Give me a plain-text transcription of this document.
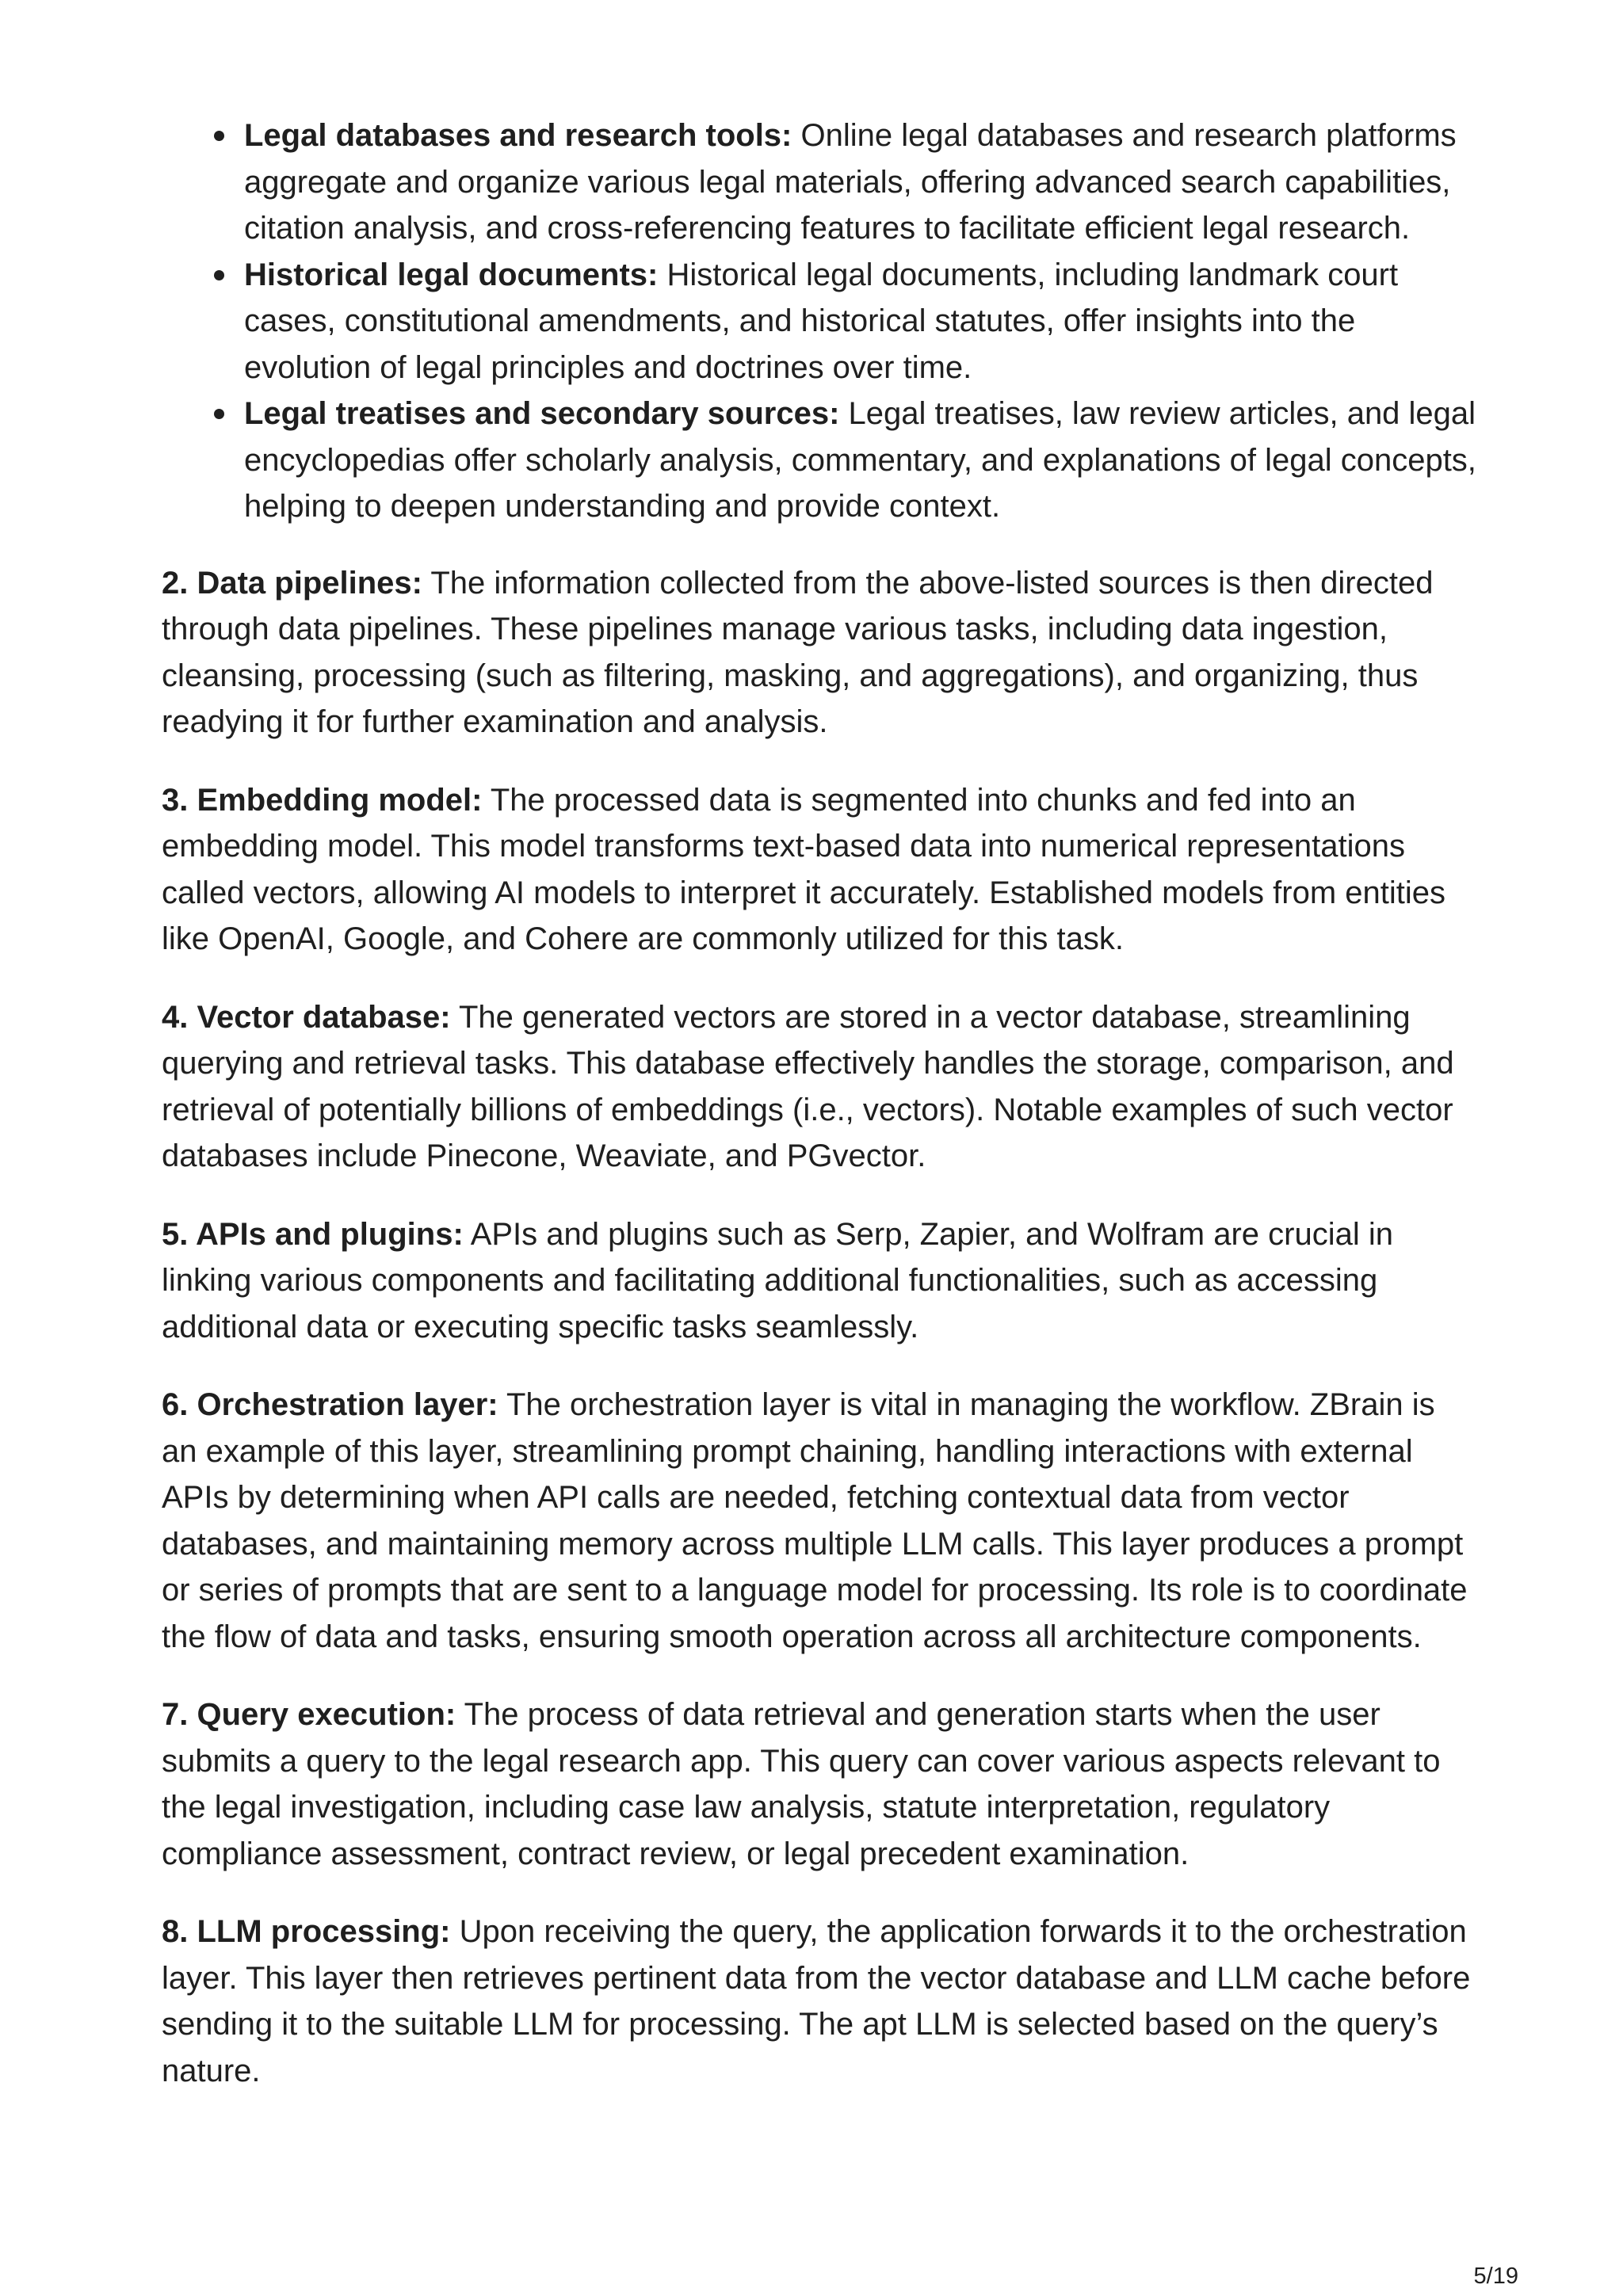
Legal databases and research tools: Online legal databases and research platforms aggregate and organize various legal materials, offering advanced search capabilities, citation analysis, and cross-referencing features to facilitate efficient legal research.
Historical legal documents: Historical legal documents, including landmark court cases, constitutional amendments, and historical statutes, offer insights into the evolution of legal principles and doctrines over time.
Legal treatises and secondary sources: Legal treatises, law review articles, and legal encyclopedias offer scholarly analysis, commentary, and explanations of legal concepts, helping to deepen understanding and provide context.

2. Data pipelines: The information collected from the above-listed sources is then directed through data pipelines. These pipelines manage various tasks, including data ingestion, cleansing, processing (such as filtering, masking, and aggregations), and organizing, thus readying it for further examination and analysis.

3. Embedding model: The processed data is segmented into chunks and fed into an embedding model. This model transforms text-based data into numerical representations called vectors, allowing AI models to interpret it accurately. Established models from entities like OpenAI, Google, and Cohere are commonly utilized for this task.

4. Vector database: The generated vectors are stored in a vector database, streamlining querying and retrieval tasks. This database effectively handles the storage, comparison, and retrieval of potentially billions of embeddings (i.e., vectors). Notable examples of such vector databases include Pinecone, Weaviate, and PGvector.

5. APIs and plugins: APIs and plugins such as Serp, Zapier, and Wolfram are crucial in linking various components and facilitating additional functionalities, such as accessing additional data or executing specific tasks seamlessly.

6. Orchestration layer: The orchestration layer is vital in managing the workflow. ZBrain is an example of this layer, streamlining prompt chaining, handling interactions with external APIs by determining when API calls are needed, fetching contextual data from vector databases, and maintaining memory across multiple LLM calls. This layer produces a prompt or series of prompts that are sent to a language model for processing. Its role is to coordinate the flow of data and tasks, ensuring smooth operation across all architecture components.

7. Query execution: The process of data retrieval and generation starts when the user submits a query to the legal research app. This query can cover various aspects relevant to the legal investigation, including case law analysis, statute interpretation, regulatory compliance assessment, contract review, or legal precedent examination.

8. LLM processing: Upon receiving the query, the application forwards it to the orchestration layer. This layer then retrieves pertinent data from the vector database and LLM cache before sending it to the suitable LLM for processing. The apt LLM is selected based on the query’s nature.

5/19
